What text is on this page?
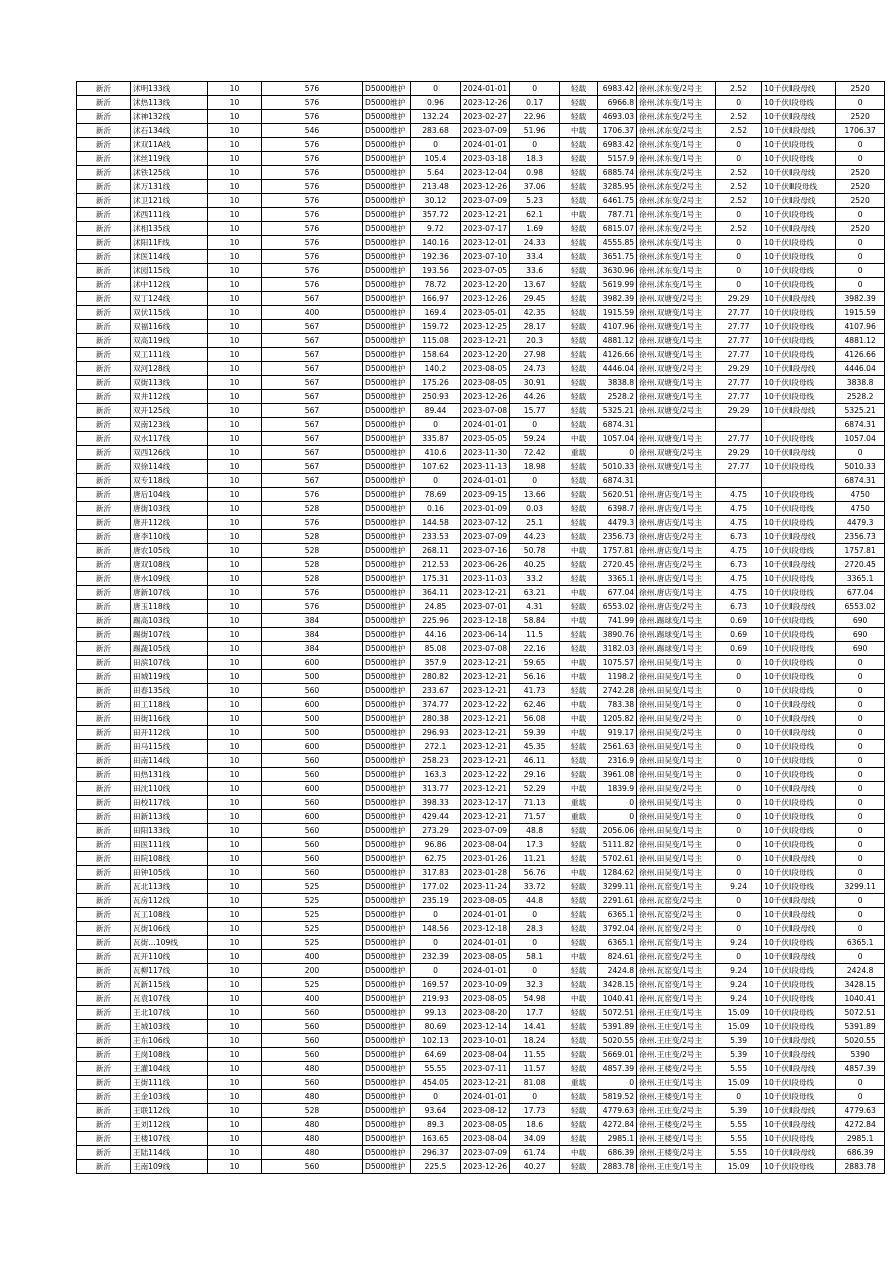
新沂	沭明133线	10	576	D5000维护	0	2024-01-01	0	轻载	6983.42	徐州.沭东变/2号主	2.52	10千伏Ⅱ段母线	2520
新沂	沭热113线	10	576	D5000维护	0.96	2023-12-26	0.17	轻载	6966.8	徐州.沭东变/1号主	0	10千伏Ⅰ段母线	0
新沂	沭神132线	10	576	D5000维护	132.24	2023-02-27	22.96	轻载	4693.03	徐州.沭东变/2号主	2.52	10千伏Ⅱ段母线	2520
新沂	沭石134线	10	546	D5000维护	283.68	2023-07-09	51.96	中载	1706.37	徐州.沭东变/2号主	2.52	10千伏Ⅱ段母线	1706.37
新沂	沭双11A线	10	576	D5000维护	0	2024-01-01	0	轻载	6983.42	徐州.沭东变/1号主	0	10千伏Ⅰ段母线	0
新沂	沭丝119线	10	576	D5000维护	105.4	2023-03-18	18.3	轻载	5157.9	徐州.沭东变/1号主	0	10千伏Ⅰ段母线	0
新沂	沭铁125线	10	576	D5000维护	5.64	2023-12-04	0.98	轻载	6885.74	徐州.沭东变/2号主	2.52	10千伏Ⅱ段母线	2520
新沂	沭万131线	10	576	D5000维护	213.48	2023-12-26	37.06	轻载	3285.95	徐州.沭东变/2号主	2.52	10千伏Ⅲ段母线	2520
新沂	沭卫121线	10	576	D5000维护	30.12	2023-07-09	5.23	轻载	6461.75	徐州.沭东变/2号主	2.52	10千伏Ⅱ段母线	2520
新沂	沭西111线	10	576	D5000维护	357.72	2023-12-21	62.1	中载	787.71	徐州.沭东变/1号主	0	10千伏Ⅰ段母线	0
新沂	沭相135线	10	576	D5000维护	9.72	2023-07-17	1.69	轻载	6815.07	徐州.沭东变/2号主	2.52	10千伏Ⅱ段母线	2520
新沂	沭阳11F线	10	576	D5000维护	140.16	2023-12-01	24.33	轻载	4555.85	徐州.沭东变/1号主	0	10千伏Ⅰ段母线	0
新沂	沭医114线	10	576	D5000维护	192.36	2023-07-10	33.4	轻载	3651.75	徐州.沭东变/1号主	0	10千伏Ⅰ段母线	0
新沂	沭园115线	10	576	D5000维护	193.56	2023-07-05	33.6	轻载	3630.96	徐州.沭东变/1号主	0	10千伏Ⅰ段母线	0
新沂	沭中112线	10	576	D5000维护	78.72	2023-12-20	13.67	轻载	5619.99	徐州.沭东变/1号主	0	10千伏Ⅰ段母线	0
新沂	双丁124线	10	567	D5000维护	166.97	2023-12-26	29.45	轻载	3982.39	徐州.双塘变/2号主	29.29	10千伏Ⅱ段母线	3982.39
新沂	双伏115线	10	400	D5000维护	169.4	2023-05-01	42.35	轻载	1915.59	徐州.双塘变/1号主	27.77	10千伏Ⅰ段母线	1915.59
新沂	双福116线	10	567	D5000维护	159.72	2023-12-25	28.17	轻载	4107.96	徐州.双塘变/1号主	27.77	10千伏Ⅰ段母线	4107.96
新沂	双高119线	10	567	D5000维护	115.08	2023-12-21	20.3	轻载	4881.12	徐州.双塘变/1号主	27.77	10千伏Ⅰ段母线	4881.12
新沂	双工111线	10	567	D5000维护	158.64	2023-12-20	27.98	轻载	4126.66	徐州.双塘变/1号主	27.77	10千伏Ⅰ段母线	4126.66
新沂	双河128线	10	567	D5000维护	140.2	2023-08-05	24.73	轻载	4446.04	徐州.双塘变/2号主	29.29	10千伏Ⅱ段母线	4446.04
新沂	双街113线	10	567	D5000维护	175.26	2023-08-05	30.91	轻载	3838.8	徐州.双塘变/1号主	27.77	10千伏Ⅰ段母线	3838.8
新沂	双井112线	10	567	D5000维护	250.93	2023-12-26	44.26	轻载	2528.2	徐州.双塘变/1号主	27.77	10千伏Ⅰ段母线	2528.2
新沂	双开125线	10	567	D5000维护	89.44	2023-07-08	15.77	轻载	5325.21	徐州.双塘变/2号主	29.29	10千伏Ⅱ段母线	5325.21
新沂	双南123线	10	567	D5000维护	0	2024-01-01	0	轻载	6874.31				6874.31
新沂	双水117线	10	567	D5000维护	335.87	2023-05-05	59.24	中载	1057.04	徐州.双塘变/1号主	27.77	10千伏Ⅰ段母线	1057.04
新沂	双西126线	10	567	D5000维护	410.6	2023-11-30	72.42	重载	0	徐州.双塘变/2号主	29.29	10千伏Ⅱ段母线	0
新沂	双徐114线	10	567	D5000维护	107.62	2023-11-13	18.98	轻载	5010.33	徐州.双塘变/1号主	27.77	10千伏Ⅰ段母线	5010.33
新沂	双专118线	10	567	D5000维护	0	2024-01-01	0	轻载	6874.31				6874.31
新沂	唐后104线	10	576	D5000维护	78.69	2023-09-15	13.66	轻载	5620.51	徐州.唐店变/1号主	4.75	10千伏Ⅰ段母线	4750
新沂	唐街103线	10	528	D5000维护	0.16	2023-01-09	0.03	轻载	6398.7	徐州.唐店变/1号主	4.75	10千伏Ⅰ段母线	4750
新沂	唐开112线	10	576	D5000维护	144.58	2023-07-12	25.1	轻载	4479.3	徐州.唐店变/1号主	4.75	10千伏Ⅰ段母线	4479.3
新沂	唐李110线	10	528	D5000维护	233.53	2023-07-09	44.23	轻载	2356.73	徐州.唐店变/2号主	6.73	10千伏Ⅱ段母线	2356.73
新沂	唐农105线	10	528	D5000维护	268.11	2023-07-16	50.78	中载	1757.81	徐州.唐店变/1号主	4.75	10千伏Ⅰ段母线	1757.81
新沂	唐双108线	10	528	D5000维护	212.53	2023-06-26	40.25	轻载	2720.45	徐州.唐店变/2号主	6.73	10千伏Ⅱ段母线	2720.45
新沂	唐水109线	10	528	D5000维护	175.31	2023-11-03	33.2	轻载	3365.1	徐州.唐店变/1号主	4.75	10千伏Ⅰ段母线	3365.1
新沂	唐新107线	10	576	D5000维护	364.11	2023-12-21	63.21	中载	677.04	徐州.唐店变/1号主	4.75	10千伏Ⅰ段母线	677.04
新沂	唐玉118线	10	576	D5000维护	24.85	2023-07-01	4.31	轻载	6553.02	徐州.唐店变/2号主	6.73	10千伏Ⅱ段母线	6553.02
新沂	踢高103线	10	384	D5000维护	225.96	2023-12-18	58.84	中载	741.99	徐州.踢球变/1号主	0.69	10千伏Ⅰ段母线	690
新沂	踢街107线	10	384	D5000维护	44.16	2023-06-14	11.5	轻载	3890.76	徐州.踢球变/1号主	0.69	10千伏Ⅰ段母线	690
新沂	踢蔬105线	10	384	D5000维护	85.08	2023-07-08	22.16	轻载	3182.03	徐州.踢球变/1号主	0.69	10千伏Ⅰ段母线	690
新沂	田滨107线	10	600	D5000维护	357.9	2023-12-21	59.65	中载	1075.57	徐州.田吴变/1号主	0	10千伏Ⅰ段母线	0
新沂	田城119线	10	500	D5000维护	280.82	2023-12-21	56.16	中载	1198.2	徐州.田吴变/1号主	0	10千伏Ⅰ段母线	0
新沂	田春135线	10	560	D5000维护	233.67	2023-12-21	41.73	轻载	2742.28	徐州.田吴变/1号主	0	10千伏Ⅰ段母线	0
新沂	田工118线	10	600	D5000维护	374.77	2023-12-22	62.46	中载	783.38	徐州.田吴变/1号主	0	10千伏Ⅱ段母线	0
新沂	田街116线	10	500	D5000维护	280.38	2023-12-21	56.08	中载	1205.82	徐州.田吴变/2号主	0	10千伏Ⅱ段母线	0
新沂	田开112线	10	500	D5000维护	296.93	2023-12-21	59.39	中载	919.17	徐州.田吴变/2号主	0	10千伏Ⅱ段母线	0
新沂	田马115线	10	600	D5000维护	272.1	2023-12-21	45.35	轻载	2561.63	徐州.田吴变/1号主	0	10千伏Ⅰ段母线	0
新沂	田南114线	10	560	D5000维护	258.23	2023-12-21	46.11	轻载	2316.9	徐州.田吴变/1号主	0	10千伏Ⅰ段母线	0
新沂	田热131线	10	560	D5000维护	163.3	2023-12-22	29.16	轻载	3961.08	徐州.田吴变/1号主	0	10千伏Ⅰ段母线	0
新沂	田沈110线	10	600	D5000维护	313.77	2023-12-21	52.29	中载	1839.9	徐州.田吴变/2号主	0	10千伏Ⅱ段母线	0
新沂	田校117线	10	560	D5000维护	398.33	2023-12-17	71.13	重载	0	徐州.田吴变/1号主	0	10千伏Ⅰ段母线	0
新沂	田新113线	10	600	D5000维护	429.44	2023-12-21	71.57	重载	0	徐州.田吴变/1号主	0	10千伏Ⅰ段母线	0
新沂	田阳133线	10	560	D5000维护	273.29	2023-07-09	48.8	轻载	2056.06	徐州.田吴变/1号主	0	10千伏Ⅰ段母线	0
新沂	田医111线	10	560	D5000维护	96.86	2023-08-04	17.3	轻载	5111.82	徐州.田吴变/1号主	0	10千伏Ⅰ段母线	0
新沂	田院108线	10	560	D5000维护	62.75	2023-01-26	11.21	轻载	5702.61	徐州.田吴变/1号主	0	10千伏Ⅱ段母线	0
新沂	田钟105线	10	560	D5000维护	317.83	2023-01-28	56.76	中载	1284.62	徐州.田吴变/1号主	0	10千伏Ⅰ段母线	0
新沂	瓦北113线	10	525	D5000维护	177.02	2023-11-24	33.72	轻载	3299.11	徐州.瓦窑变/1号主	9.24	10千伏Ⅰ段母线	3299.11
新沂	瓦房112线	10	525	D5000维护	235.19	2023-08-05	44.8	轻载	2291.61	徐州.瓦窑变/2号主	0	10千伏Ⅱ段母线	0
新沂	瓦工108线	10	525	D5000维护	0	2024-01-01	0	轻载	6365.1	徐州.瓦窑变/2号主	0	10千伏Ⅱ段母线	0
新沂	瓦街106线	10	525	D5000维护	148.56	2023-12-18	28.3	轻载	3792.04	徐州.瓦窑变/2号主	0	10千伏Ⅱ段母线	0
新沂	瓦街…109线	10	525	D5000维护	0	2024-01-01	0	轻载	6365.1	徐州.瓦窑变/1号主	9.24	10千伏Ⅰ段母线	6365.1
新沂	瓦开110线	10	400	D5000维护	232.39	2023-08-05	58.1	中载	824.61	徐州.瓦窑变/2号主	0	10千伏Ⅱ段母线	0
新沂	瓦柳117线	10	200	D5000维护	0	2024-01-01	0	轻载	2424.8	徐州.瓦窑变/1号主	9.24	10千伏Ⅰ段母线	2424.8
新沂	瓦新115线	10	525	D5000维护	169.57	2023-10-09	32.3	轻载	3428.15	徐州.瓦窑变/1号主	9.24	10千伏Ⅰ段母线	3428.15
新沂	瓦袁107线	10	400	D5000维护	219.93	2023-08-05	54.98	中载	1040.41	徐州.瓦窑变/1号主	9.24	10千伏Ⅰ段母线	1040.41
新沂	王北107线	10	560	D5000维护	99.13	2023-08-20	17.7	轻载	5072.51	徐州.王庄变/1号主	15.09	10千伏Ⅰ段母线	5072.51
新沂	王城103线	10	560	D5000维护	80.69	2023-12-14	14.41	轻载	5391.89	徐州.王庄变/1号主	15.09	10千伏Ⅰ段母线	5391.89
新沂	王东106线	10	560	D5000维护	102.13	2023-10-01	18.24	轻载	5020.55	徐州.王庄变/2号主	5.39	10千伏Ⅱ段母线	5020.55
新沂	王岗108线	10	560	D5000维护	64.69	2023-08-04	11.55	轻载	5669.01	徐州.王庄变/2号主	5.39	10千伏Ⅱ段母线	5390
新沂	王灌104线	10	480	D5000维护	55.55	2023-07-11	11.57	轻载	4857.39	徐州.王楼变/2号主	5.55	10千伏Ⅱ段母线	4857.39
新沂	王街111线	10	560	D5000维护	454.05	2023-12-21	81.08	重载	0	徐州.王庄变/1号主	15.09	10千伏Ⅰ段母线	0
新沂	王金103线	10	480	D5000维护	0	2024-01-01	0	轻载	5819.52	徐州.王楼变/1号主	0	10千伏Ⅰ段母线	0
新沂	王联112线	10	528	D5000维护	93.64	2023-08-12	17.73	轻载	4779.63	徐州.王庄变/2号主	5.39	10千伏Ⅱ段母线	4779.63
新沂	王刘112线	10	480	D5000维护	89.3	2023-08-05	18.6	轻载	4272.84	徐州.王楼变/2号主	5.55	10千伏Ⅱ段母线	4272.84
新沂	王楼107线	10	480	D5000维护	163.65	2023-08-04	34.09	轻载	2985.1	徐州.王楼变/1号主	5.55	10千伏Ⅰ段母线	2985.1
新沂	王陆114线	10	480	D5000维护	296.37	2023-07-09	61.74	中载	686.39	徐州.王楼变/2号主	5.55	10千伏Ⅱ段母线	686.39
新沂	王南109线	10	560	D5000维护	225.5	2023-12-26	40.27	轻载	2883.78	徐州.王庄变/1号主	15.09	10千伏Ⅰ段母线	2883.78
